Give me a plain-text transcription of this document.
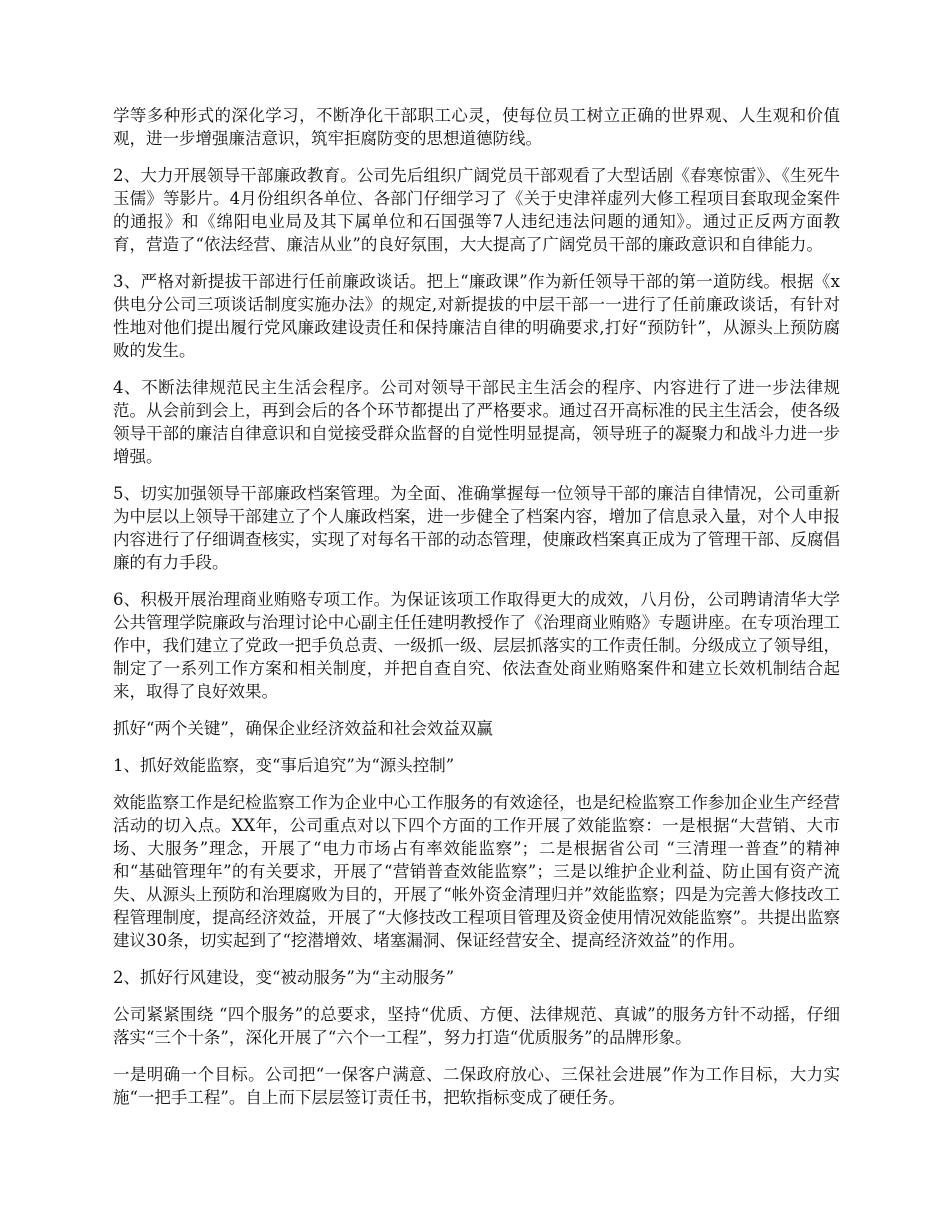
学等多种形式的深化学习，不断净化干部职工心灵，使每位员工树立正确的世界观、人生观和价值观，进一步增强廉洁意识，筑牢拒腐防变的思想道德防线。

2、大力开展领导干部廉政教育。公司先后组织广阔党员干部观看了大型话剧《春寒惊雷》、《生死牛玉儒》等影片。4月份组织各单位、各部门仔细学习了《关于史津祥虚列大修工程项目套取现金案件的通报》和《绵阳电业局及其下属单位和石国强等7人违纪违法问题的通知》。通过正反两方面教育，营造了“依法经营、廉洁从业”的良好氛围，大大提高了广阔党员干部的廉政意识和自律能力。

3、严格对新提拔干部进行任前廉政谈话。把上“廉政课”作为新任领导干部的第一道防线。根据《x供电分公司三项谈话制度实施办法》的规定,对新提拔的中层干部一一进行了任前廉政谈话，有针对性地对他们提出履行党风廉政建设责任和保持廉洁自律的明确要求,打好“预防针”，从源头上预防腐败的发生。

4、不断法律规范民主生活会程序。公司对领导干部民主生活会的程序、内容进行了进一步法律规范。从会前到会上，再到会后的各个环节都提出了严格要求。通过召开高标准的民主生活会，使各级领导干部的廉洁自律意识和自觉接受群众监督的自觉性明显提高，领导班子的凝聚力和战斗力进一步增强。

5、切实加强领导干部廉政档案管理。为全面、准确掌握每一位领导干部的廉洁自律情况，公司重新为中层以上领导干部建立了个人廉政档案，进一步健全了档案内容，增加了信息录入量，对个人申报内容进行了仔细调查核实，实现了对每名干部的动态管理，使廉政档案真正成为了管理干部、反腐倡廉的有力手段。

6、积极开展治理商业贿赂专项工作。为保证该项工作取得更大的成效，八月份，公司聘请清华大学公共管理学院廉政与治理讨论中心副主任任建明教授作了《治理商业贿赂》专题讲座。在专项治理工作中，我们建立了党政一把手负总责、一级抓一级、层层抓落实的工作责任制。分级成立了领导组，制定了一系列工作方案和相关制度，并把自查自究、依法查处商业贿赂案件和建立长效机制结合起来，取得了良好效果。

抓好“两个关键”，确保企业经济效益和社会效益双赢

1、抓好效能监察，变“事后追究”为“源头控制”

效能监察工作是纪检监察工作为企业中心工作服务的有效途径，也是纪检监察工作参加企业生产经营活动的切入点。XX年，公司重点对以下四个方面的工作开展了效能监察：一是根据“大营销、大市场、大服务”理念，开展了“电力市场占有率效能监察”；二是根据省公司 “三清理一普查”的精神和“基础管理年”的有关要求，开展了“营销普查效能监察”；三是以维护企业利益、防止国有资产流失、从源头上预防和治理腐败为目的，开展了“帐外资金清理归并”效能监察；四是为完善大修技改工程管理制度，提高经济效益，开展了“大修技改工程项目管理及资金使用情况效能监察”。共提出监察建议30条，切实起到了“挖潜增效、堵塞漏洞、保证经营安全、提高经济效益”的作用。

2、抓好行风建设，变“被动服务”为“主动服务”

公司紧紧围绕 “四个服务”的总要求，坚持“优质、方便、法律规范、真诚”的服务方针不动摇，仔细落实“三个十条”，深化开展了“六个一工程”，努力打造“优质服务”的品牌形象。

一是明确一个目标。公司把“一保客户满意、二保政府放心、三保社会进展”作为工作目标，大力实施“一把手工程”。自上而下层层签订责任书，把软指标变成了硬任务。
